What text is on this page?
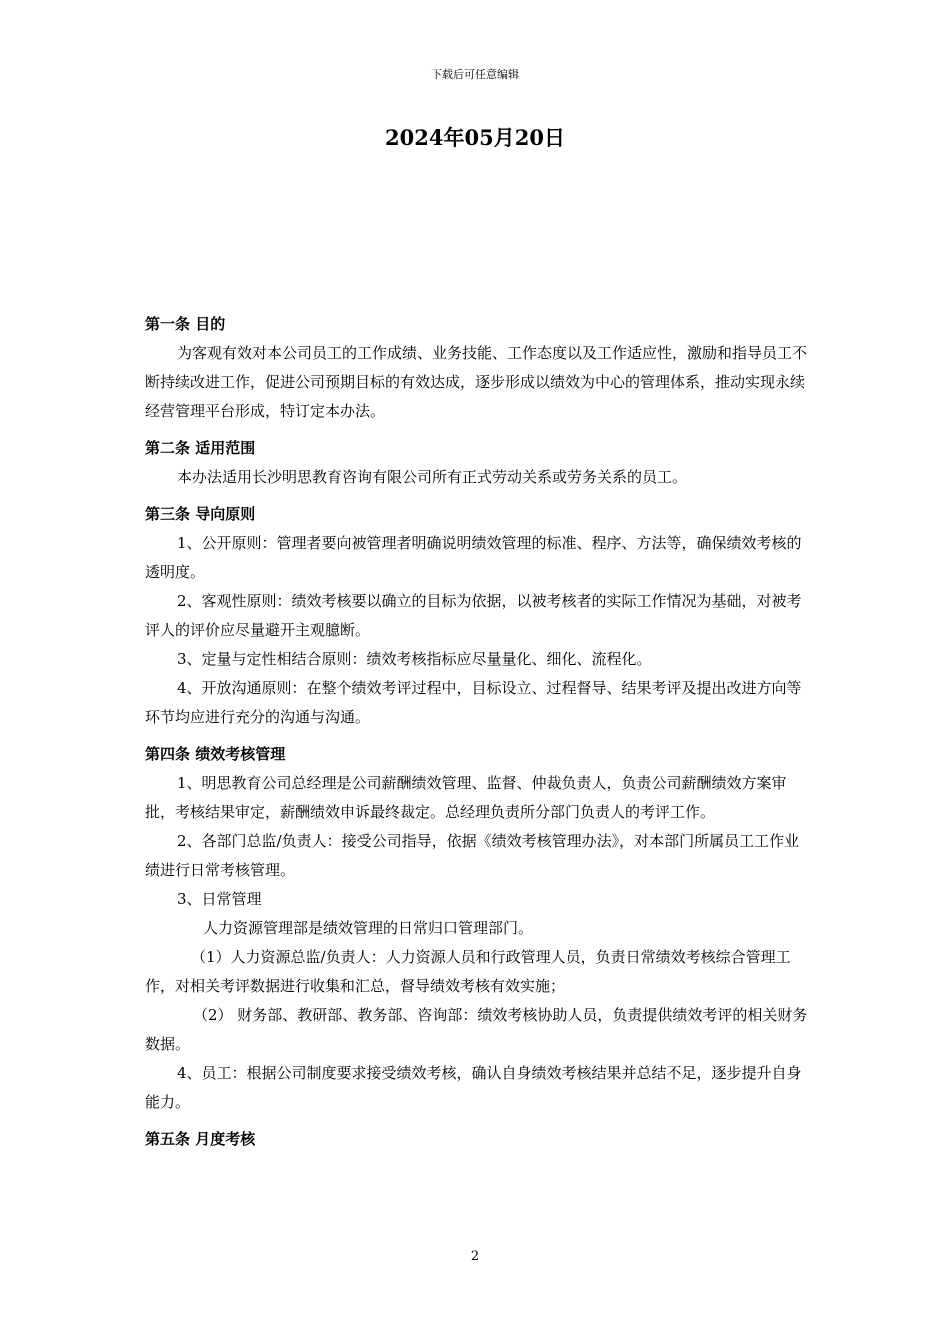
下载后可任意编辑
2024年05月20日

第一条 目的

为客观有效对本公司员工的工作成绩、业务技能、工作态度以及工作适应性，激励和指导员工不断持续改进工作，促进公司预期目标的有效达成，逐步形成以绩效为中心的管理体系，推动实现永续经营管理平台形成，特订定本办法。

第二条 适用范围

本办法适用长沙明思教育咨询有限公司所有正式劳动关系或劳务关系的员工。

第三条 导向原则

1、公开原则：管理者要向被管理者明确说明绩效管理的标准、程序、方法等，确保绩效考核的透明度。

2、客观性原则：绩效考核要以确立的目标为依据，以被考核者的实际工作情况为基础，对被考评人的评价应尽量避开主观臆断。

3、定量与定性相结合原则：绩效考核指标应尽量量化、细化、流程化。

4、开放沟通原则：在整个绩效考评过程中，目标设立、过程督导、结果考评及提出改进方向等环节均应进行充分的沟通与沟通。

第四条 绩效考核管理

1、明思教育公司总经理是公司薪酬绩效管理、监督、仲裁负责人，负责公司薪酬绩效方案审批，考核结果审定，薪酬绩效申诉最终裁定。总经理负责所分部门负责人的考评工作。

2、各部门总监/负责人：接受公司指导，依据《绩效考核管理办法》，对本部门所属员工工作业绩进行日常考核管理。

3、日常管理

人力资源管理部是绩效管理的日常归口管理部门。

（1）人力资源总监/负责人：人力资源人员和行政管理人员，负责日常绩效考核综合管理工作，对相关考评数据进行收集和汇总，督导绩效考核有效实施；

（2） 财务部、教研部、教务部、咨询部：绩效考核协助人员，负责提供绩效考评的相关财务数据。

4、员工：根据公司制度要求接受绩效考核，确认自身绩效考核结果并总结不足，逐步提升自身能力。

第五条 月度考核

2
